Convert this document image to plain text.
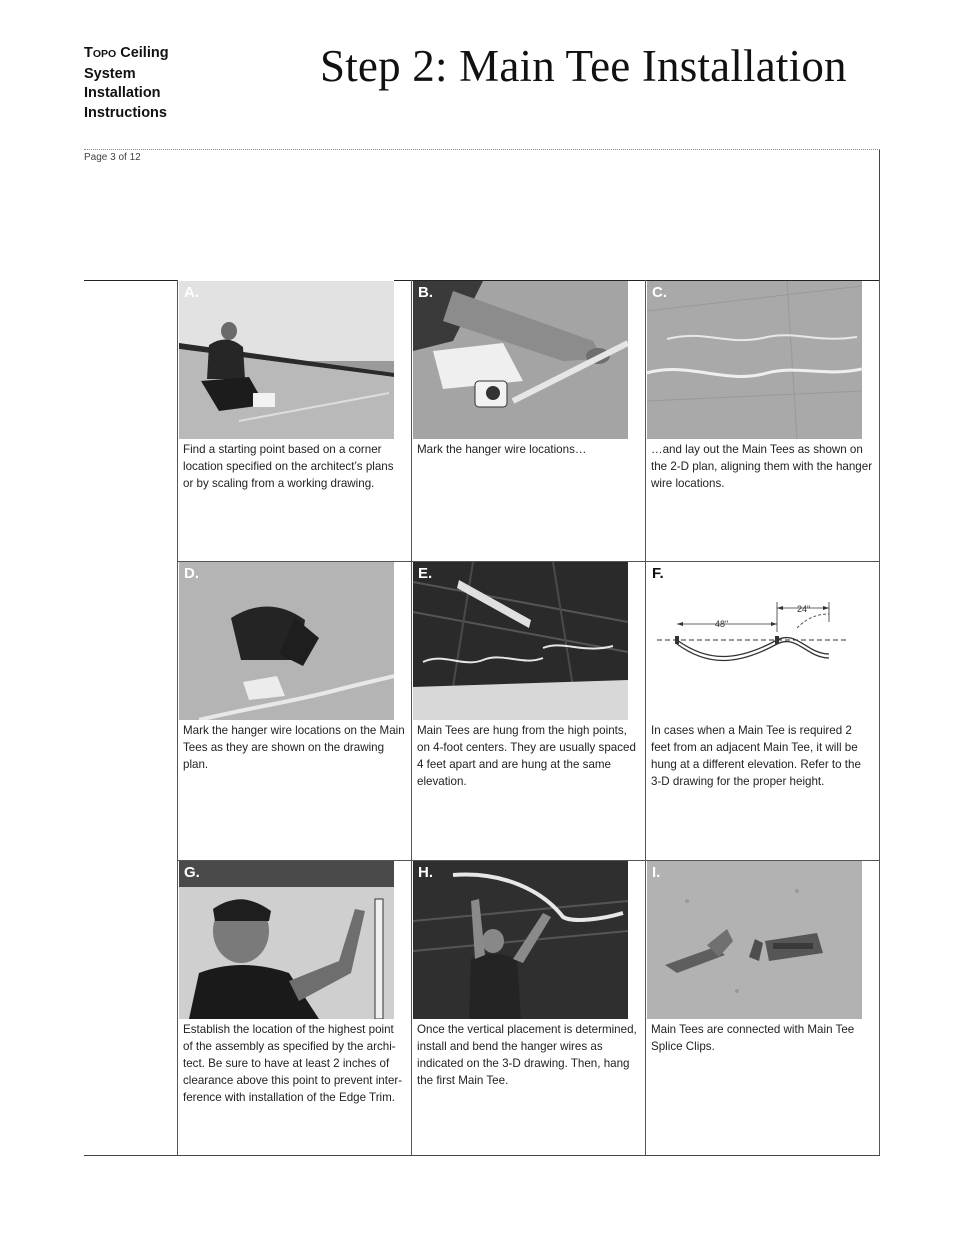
TOPO Ceiling
System
Installation
Instructions
Step 2: Main Tee Installation
Page 3 of 12
A.
Find a starting point based on a corner location specified on the architect’s plans or by scaling from a working drawing.
B.
Mark the hanger wire locations…
C.
…and lay out the Main Tees as shown on the 2-D plan, aligning them with the hanger wire locations.
D.
Mark the hanger wire locations on the Main Tees as they are shown on the drawing plan.
E.
Main Tees are hung from the high points, on 4-foot centers. They are usually spaced 4 feet apart and are hung at the same elevation.
48"
24"
F.
In cases when a Main Tee is required 2 feet from an adjacent Main Tee, it will be hung at a different elevation. Refer to the 3-D drawing for the proper height.
G.
Establish the location of the highest point of the assembly as specified by the archi- tect. Be sure to have at least 2 inches of clearance above this point to prevent inter- ference with installation of the Edge Trim.
H.
Once the vertical placement is determined, install and bend the hanger wires as indicated on the 3-D drawing. Then, hang the first Main Tee.
I.
Main Tees are connected with Main Tee Splice Clips.
